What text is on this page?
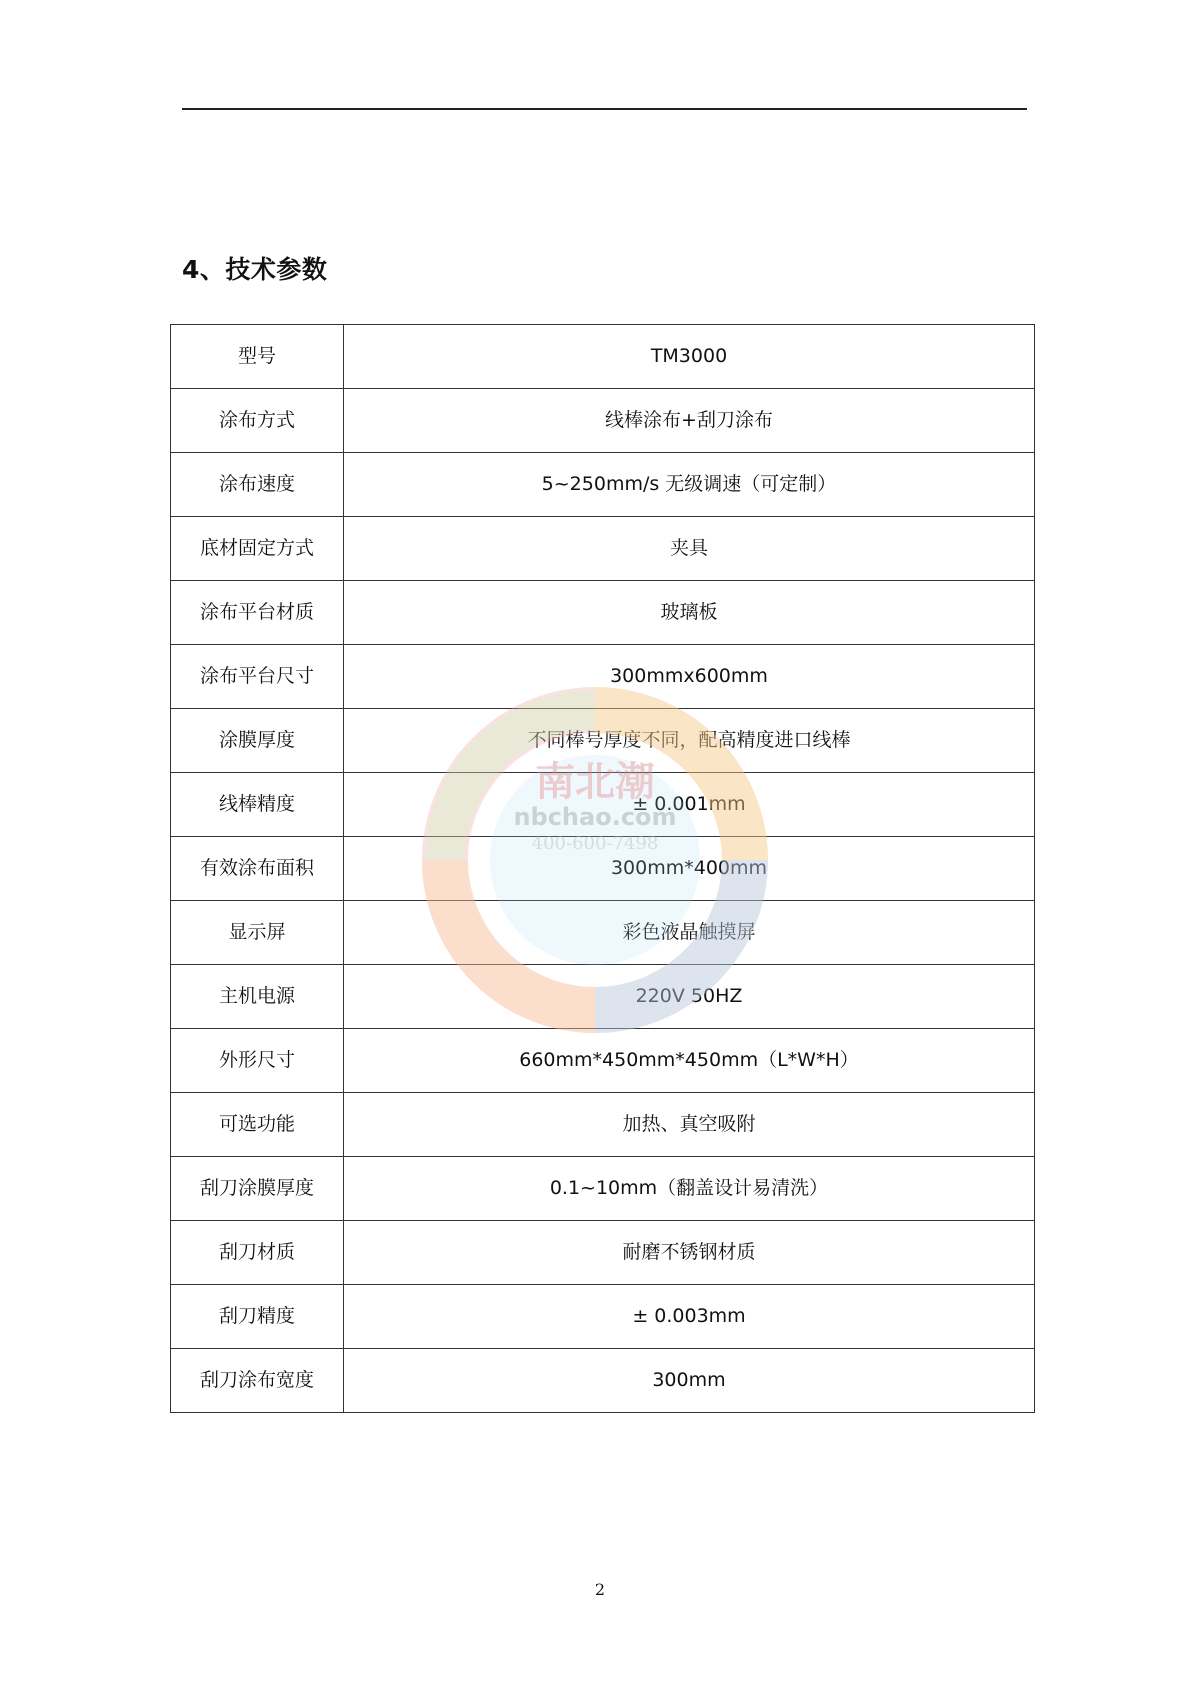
4、技术参数
型号	TM3000
涂布方式	线棒涂布+刮刀涂布
涂布速度	5~250mm/s 无级调速（可定制）
底材固定方式	夹具
涂布平台材质	玻璃板
涂布平台尺寸	300mmx600mm
涂膜厚度	不同棒号厚度不同，配高精度进口线棒
线棒精度	± 0.001mm
有效涂布面积	300mm*400mm
显示屏	彩色液晶触摸屏
主机电源	220V 50HZ
外形尺寸	660mm*450mm*450mm（L*W*H）
可选功能	加热、真空吸附
刮刀涂膜厚度	0.1~10mm（翻盖设计易清洗）
刮刀材质	耐磨不锈钢材质
刮刀精度	± 0.003mm
刮刀涂布宽度	300mm
南北潮
nbchao.com
400-600-7498
2
